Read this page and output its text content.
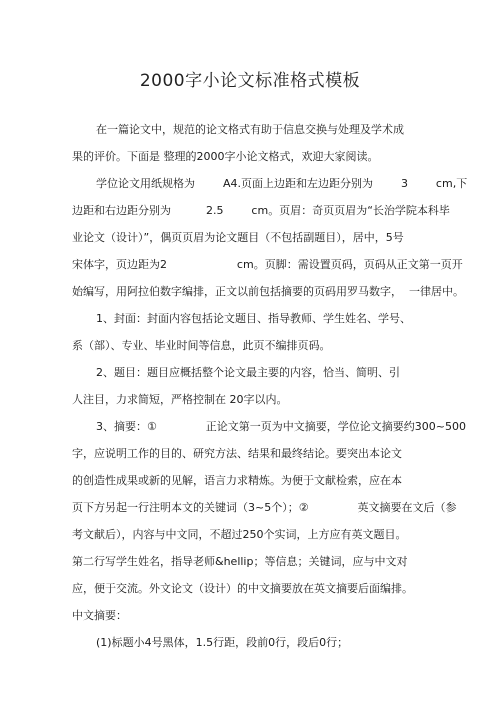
2000字小论文标准格式模板
在一篇论文中，规范的论文格式有助于信息交换与处理及学术成
果的评价。下面是 整理的2000字小论文格式，欢迎大家阅读。
学位论文用纸规格为        A4.页面上边距和左边距分别为        3        cm,下
边距和右边距分别为          2.5        cm。页眉：奇页页眉为“长治学院本科毕
业论文（设计）”，偶页页眉为论文题目（不包括副题目），居中，5号
宋体字，页边距为2                    cm。页脚：需设置页码，页码从正文第一页开
始编写，用阿拉伯数字编排，正文以前包括摘要的页码用罗马数字，  一律居中。
1、封面：封面内容包括论文题目、指导教师、学生姓名、学号、
系（部）、专业、毕业时间等信息，此页不编排页码。
2、题目：题目应概括整个论文最主要的内容，恰当、简明、引
人注目，力求简短，严格控制在 20字以内。
3、摘要：①              正论文第一页为中文摘要，学位论文摘要约300~500
字，应说明工作的目的、研究方法、结果和最终结论。要突出本论文
的创造性成果或新的见解，语言力求精炼。为便于文献检索，应在本
页下方另起一行注明本文的关键词（3~5个）；②              英文摘要在文后（参
考文献后），内容与中文同，不超过250个实词，上方应有英文题目。
第二行写学生姓名，指导老师&hellip；等信息；关键词，应与中文对
应，便于交流。外文论文（设计）的中文摘要放在英文摘要后面编排。
中文摘要：
(1)标题小4号黑体，1.5行距，段前0行，段后0行；
